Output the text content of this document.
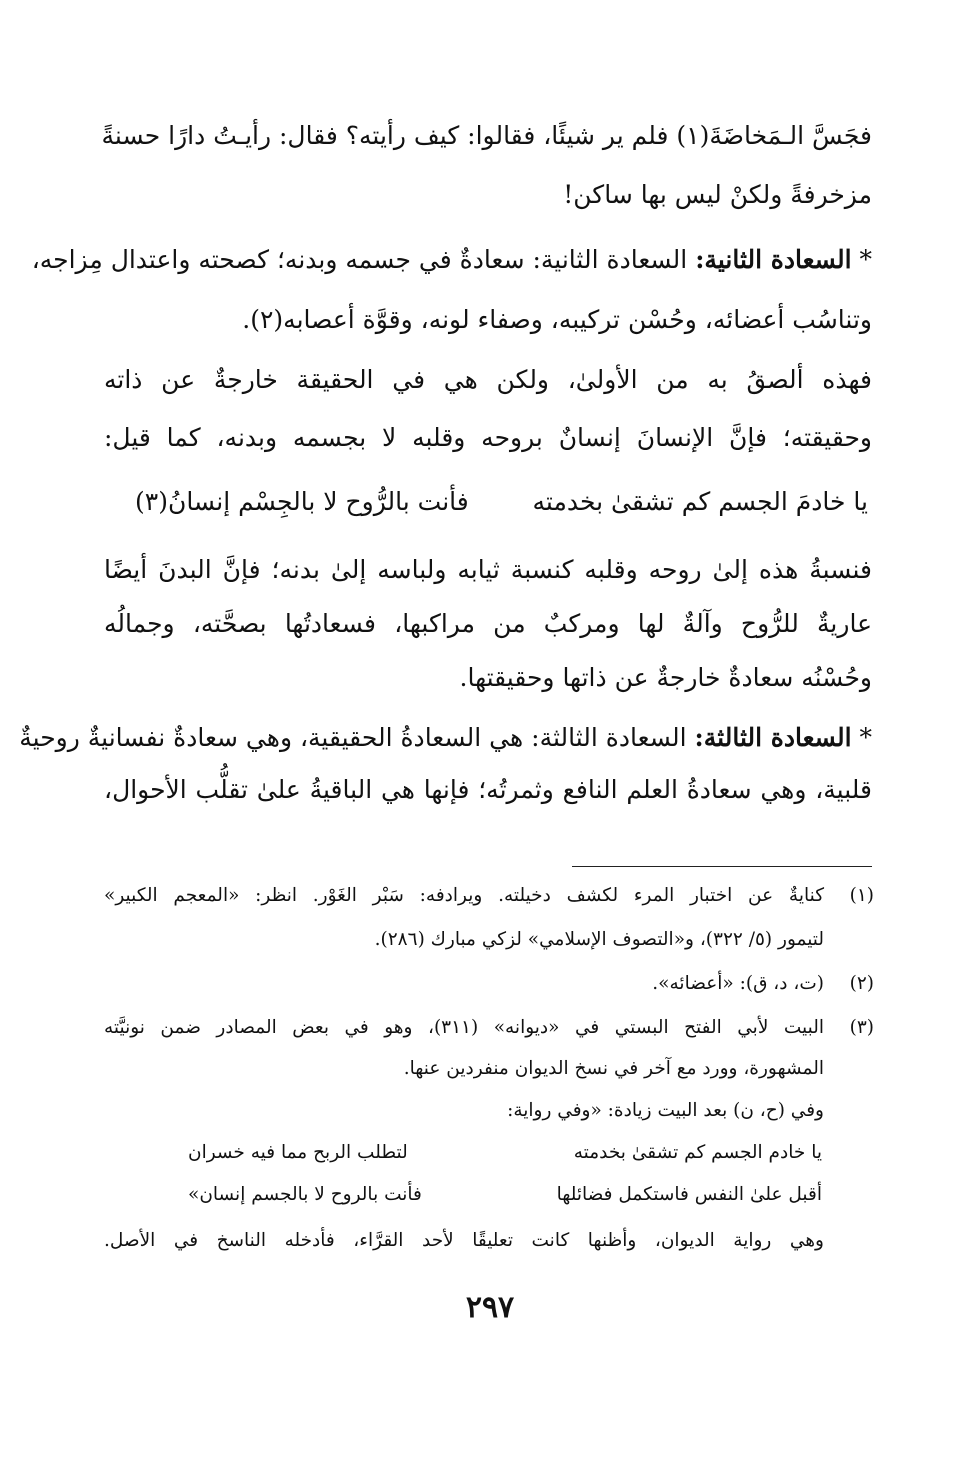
فجَسَّ الـمَخاضَةَ(١) فلم ير شيئًا، فقالوا: كيف رأيته؟ فقال: رأيـتُ دارًا حسنةً
مزخرفةً ولكنْ ليس بها ساكن!
* السعادة الثانية: السعادة الثانية: سعادةٌ في جسمه وبدنه؛ كصحته واعتدال مِزاجه،
وتناسُب أعضائه، وحُسْن تركيبه، وصفاء لونه، وقوَّة أعصابه(٢).
فهذه ألصقُ به من الأولىٰ، ولكن هي في الحقيقة خارجةٌ عن ذاته
وحقيقته؛ فإنَّ الإنسانَ إنسانٌ بروحه وقلبه لا بجسمه وبدنه، كما قيل:
يا خادمَ الجسم كم تشقىٰ بخدمته
فأنت بالرُّوح لا بالجِسْم إنسانُ(٣)
فنسبةُ هذه إلىٰ روحه وقلبه كنسبة ثيابه ولباسه إلىٰ بدنه؛ فإنَّ البدنَ أيضًا
عاريةٌ للرُّوح وآلةٌ لها ومركبٌ من مراكبها، فسعادتُها بصحَّته، وجمالُه
وحُسْنُه سعادةٌ خارجةٌ عن ذاتها وحقيقتها.
* السعادة الثالثة: السعادة الثالثة: هي السعادةُ الحقيقية، وهي سعادةٌ نفسانيةٌ روحيةٌ
قلبية، وهي سعادةُ العلم النافع وثمرتُه؛ فإنها هي الباقيةُ علىٰ تقلُّب الأحوال،
(١)
كنايةٌ عن اختبار المرء لكشف دخيلته. ويرادفه: سَبْر الغَوْر. انظر: «المعجم الكبير»
لتيمور (٥/ ٣٢٢)، و«التصوف الإسلامي» لزكي مبارك (٢٨٦).
(٢)
(ت، د، ق): «أعضائه».
(٣)
البيت لأبي الفتح البستي في «ديوانه» (٣١١)، وهو في بعض المصادر ضمن نونيَّته
المشهورة، وورد مع آخر في نسخ الديوان منفردين عنها.
وفي (ح، ن) بعد البيت زيادة: «وفي رواية:
يا خادم الجسم كم تشقىٰ بخدمته
لتطلب الربح مما فيه خسران
أقبل علىٰ النفس فاستكمل فضائلها
فأنت بالروح لا بالجسم إنسان»
وهي رواية الديوان، وأظنها كانت تعليقًا لأحد القرَّاء، فأدخله الناسخ في الأصل.
٢٩٧
